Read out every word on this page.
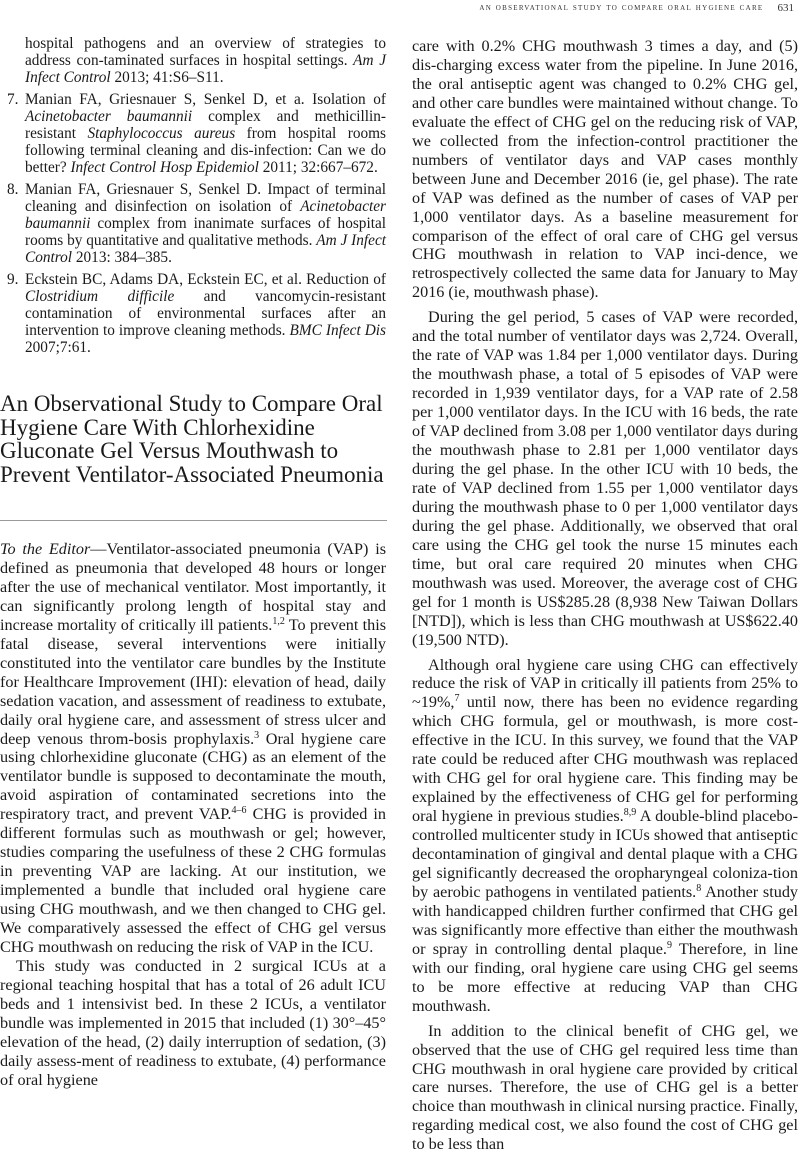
an observational study to compare oral hygiene care 631
hospital pathogens and an overview of strategies to address con-taminated surfaces in hospital settings. Am J Infect Control 2013; 41:S6–S11.
7. Manian FA, Griesnauer S, Senkel D, et a. Isolation of Acinetobacter baumannii complex and methicillin-resistant Staphylococcus aureus from hospital rooms following terminal cleaning and dis-infection: Can we do better? Infect Control Hosp Epidemiol 2011; 32:667–672.
8. Manian FA, Griesnauer S, Senkel D. Impact of terminal cleaning and disinfection on isolation of Acinetobacter baumannii complex from inanimate surfaces of hospital rooms by quantitative and qualitative methods. Am J Infect Control 2013: 384–385.
9. Eckstein BC, Adams DA, Eckstein EC, et al. Reduction of Clostridium difficile and vancomycin-resistant contamination of environmental surfaces after an intervention to improve cleaning methods. BMC Infect Dis 2007;7:61.
An Observational Study to Compare Oral Hygiene Care With Chlorhexidine Gluconate Gel Versus Mouthwash to Prevent Ventilator-Associated Pneumonia

To the Editor—Ventilator-associated pneumonia (VAP) is defined as pneumonia that developed 48 hours or longer after the use of mechanical ventilator. Most importantly, it can significantly prolong length of hospital stay and increase mortality of critically ill patients.$^{1,2}$ To prevent this fatal disease, several interventions were initially constituted into the ventilator care bundles by the Institute for Healthcare Improvement (IHI): elevation of head, daily sedation vacation, and assessment of readiness to extubate, daily oral hygiene care, and assessment of stress ulcer and deep venous throm-bosis prophylaxis.$^3$ Oral hygiene care using chlorhexidine gluconate (CHG) as an element of the ventilator bundle is supposed to decontaminate the mouth, avoid aspiration of contaminated secretions into the respiratory tract, and prevent VAP.$^{4-6}$ CHG is provided in different formulas such as mouthwash or gel; however, studies comparing the usefulness of these 2 CHG formulas in preventing VAP are lacking. At our institution, we implemented a bundle that included oral hygiene care using CHG mouthwash, and we then changed to CHG gel. We comparatively assessed the effect of CHG gel versus CHG mouthwash on reducing the risk of VAP in the ICU.

This study was conducted in 2 surgical ICUs at a regional teaching hospital that has a total of 26 adult ICU beds and 1 intensivist bed. In these 2 ICUs, a ventilator bundle was implemented in 2015 that included (1) 30°–45° elevation of the head, (2) daily interruption of sedation, (3) daily assess-ment of readiness to extubate, (4) performance of oral hygiene

care with 0.2% CHG mouthwash 3 times a day, and (5) dis-charging excess water from the pipeline. In June 2016, the oral antiseptic agent was changed to 0.2% CHG gel, and other care bundles were maintained without change. To evaluate the effect of CHG gel on the reducing risk of VAP, we collected from the infection-control practitioner the numbers of ventilator days and VAP cases monthly between June and December 2016 (ie, gel phase). The rate of VAP was defined as the number of cases of VAP per 1,000 ventilator days. As a baseline measurement for comparison of the effect of oral care of CHG gel versus CHG mouthwash in relation to VAP inci-dence, we retrospectively collected the same data for January to May 2016 (ie, mouthwash phase).

During the gel period, 5 cases of VAP were recorded, and the total number of ventilator days was 2,724. Overall, the rate of VAP was 1.84 per 1,000 ventilator days. During the mouthwash phase, a total of 5 episodes of VAP were recorded in 1,939 ventilator days, for a VAP rate of 2.58 per 1,000 ventilator days. In the ICU with 16 beds, the rate of VAP declined from 3.08 per 1,000 ventilator days during the mouthwash phase to 2.81 per 1,000 ventilator days during the gel phase. In the other ICU with 10 beds, the rate of VAP declined from 1.55 per 1,000 ventilator days during the mouthwash phase to 0 per 1,000 ventilator days during the gel phase. Additionally, we observed that oral care using the CHG gel took the nurse 15 minutes each time, but oral care required 20 minutes when CHG mouthwash was used. Moreover, the average cost of CHG gel for 1 month is US$285.28 (8,938 New Taiwan Dollars [NTD]), which is less than CHG mouthwash at US$622.40 (19,500 NTD).

Although oral hygiene care using CHG can effectively reduce the risk of VAP in critically ill patients from 25% to ~19%,$^7$ until now, there has been no evidence regarding which CHG formula, gel or mouthwash, is more cost-effective in the ICU. In this survey, we found that the VAP rate could be reduced after CHG mouthwash was replaced with CHG gel for oral hygiene care. This finding may be explained by the effectiveness of CHG gel for performing oral hygiene in previous studies.$^{8,9}$ A double-blind placebo-controlled multicenter study in ICUs showed that antiseptic decontamination of gingival and dental plaque with a CHG gel significantly decreased the oropharyngeal coloniza-tion by aerobic pathogens in ventilated patients.$^8$ Another study with handicapped children further confirmed that CHG gel was significantly more effective than either the mouthwash or spray in controlling dental plaque.$^9$ Therefore, in line with our finding, oral hygiene care using CHG gel seems to be more effective at reducing VAP than CHG mouthwash.

In addition to the clinical benefit of CHG gel, we observed that the use of CHG gel required less time than CHG mouthwash in oral hygiene care provided by critical care nurses. Therefore, the use of CHG gel is a better choice than mouthwash in clinical nursing practice. Finally, regarding medical cost, we also found the cost of CHG gel to be less than
